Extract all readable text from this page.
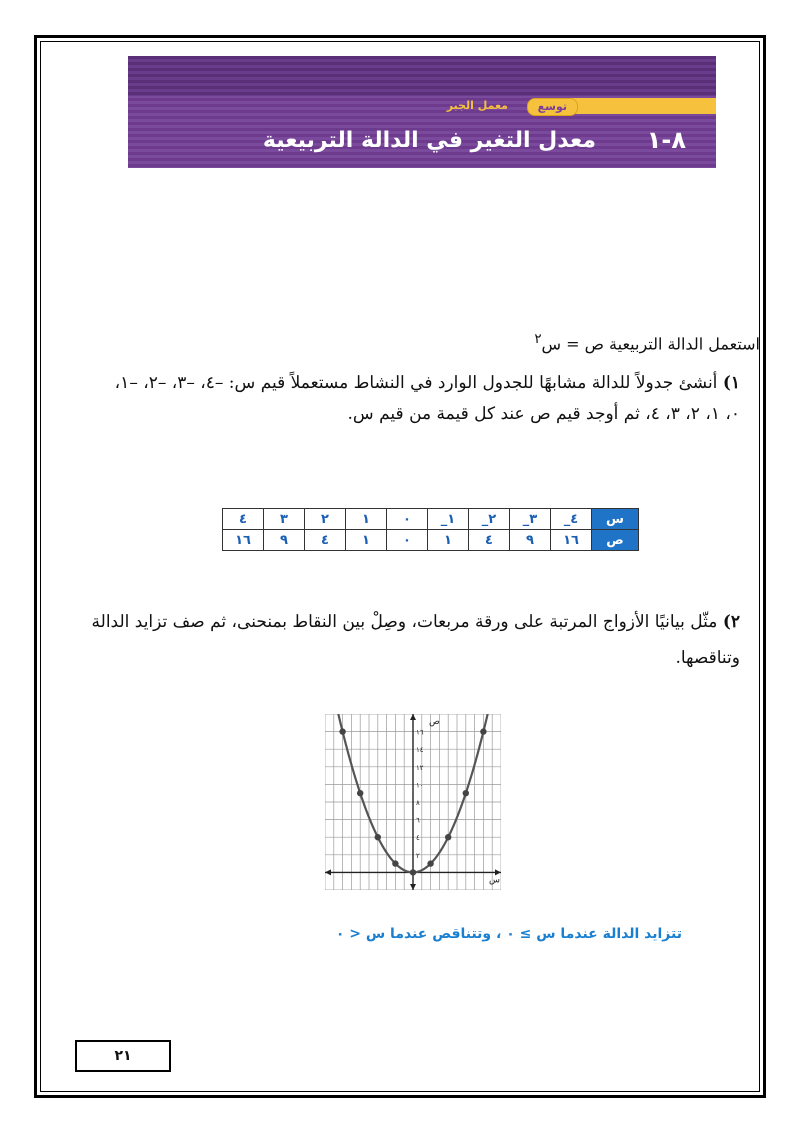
توسع
معمل الجبر
معدل التغير في الدالة التربيعية ٨-١
استعمل الدالة التربيعية ص = س$^٢$
١) أنشئ جدولاً للدالة مشابهًا للجدول الوارد في النشاط مستعملاً قيم س: –٤، –٣، –٢، –١، ٠، ١، ٢، ٣، ٤، ثم أوجد قيم ص عند كل قيمة من قيم س.
س	٤_	٣_	٢_	١_	٠	١	٢	٣	٤
ص	١٦	٩	٤	١	٠	١	٤	٩	١٦
٢) مثّل بيانيًا الأزواج المرتبة على ورقة مربعات، وصِلْ بين النقاط بمنحنى، ثم صف تزايد الدالة وتناقصها.
٢
٤
٦
٨
١٠
١٢
١٤
١٦
ص
س
تتزايد الدالة عندما س ≥ ٠ ، وتتناقص عندما س < ٠
٢١
